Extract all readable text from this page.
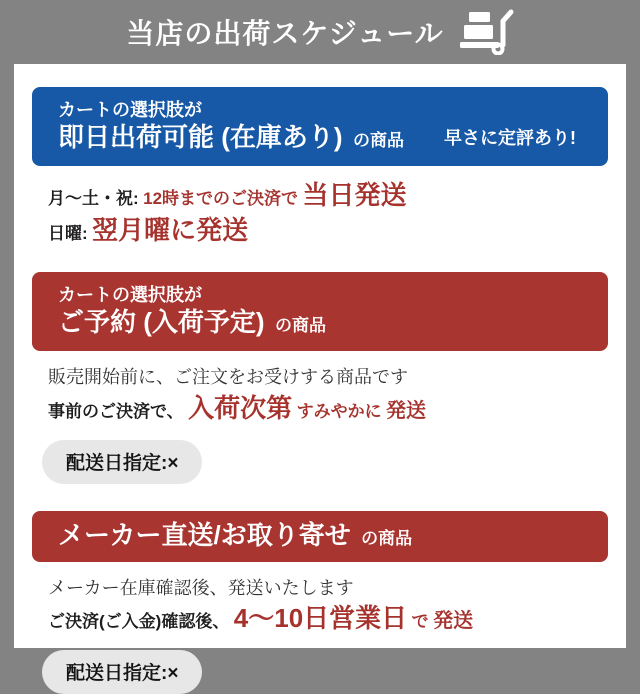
当店の出荷スケジュール
カートの選択肢が
即日出荷可能 (在庫あり) の商品 早さに定評あり!
月〜土・祝: 12時までのご決済で 当日発送
日曜: 翌月曜に発送
カートの選択肢が
ご予約 (入荷予定) の商品
販売開始前に、ご注文をお受けする商品です
事前のご決済で、 入荷次第 すみやかに 発送
配送日指定:×
メーカー直送/お取り寄せ の商品
メーカー在庫確認後、発送いたします
ご決済(ご入金)確認後、 4〜10日営業日 で 発送
配送日指定:×
